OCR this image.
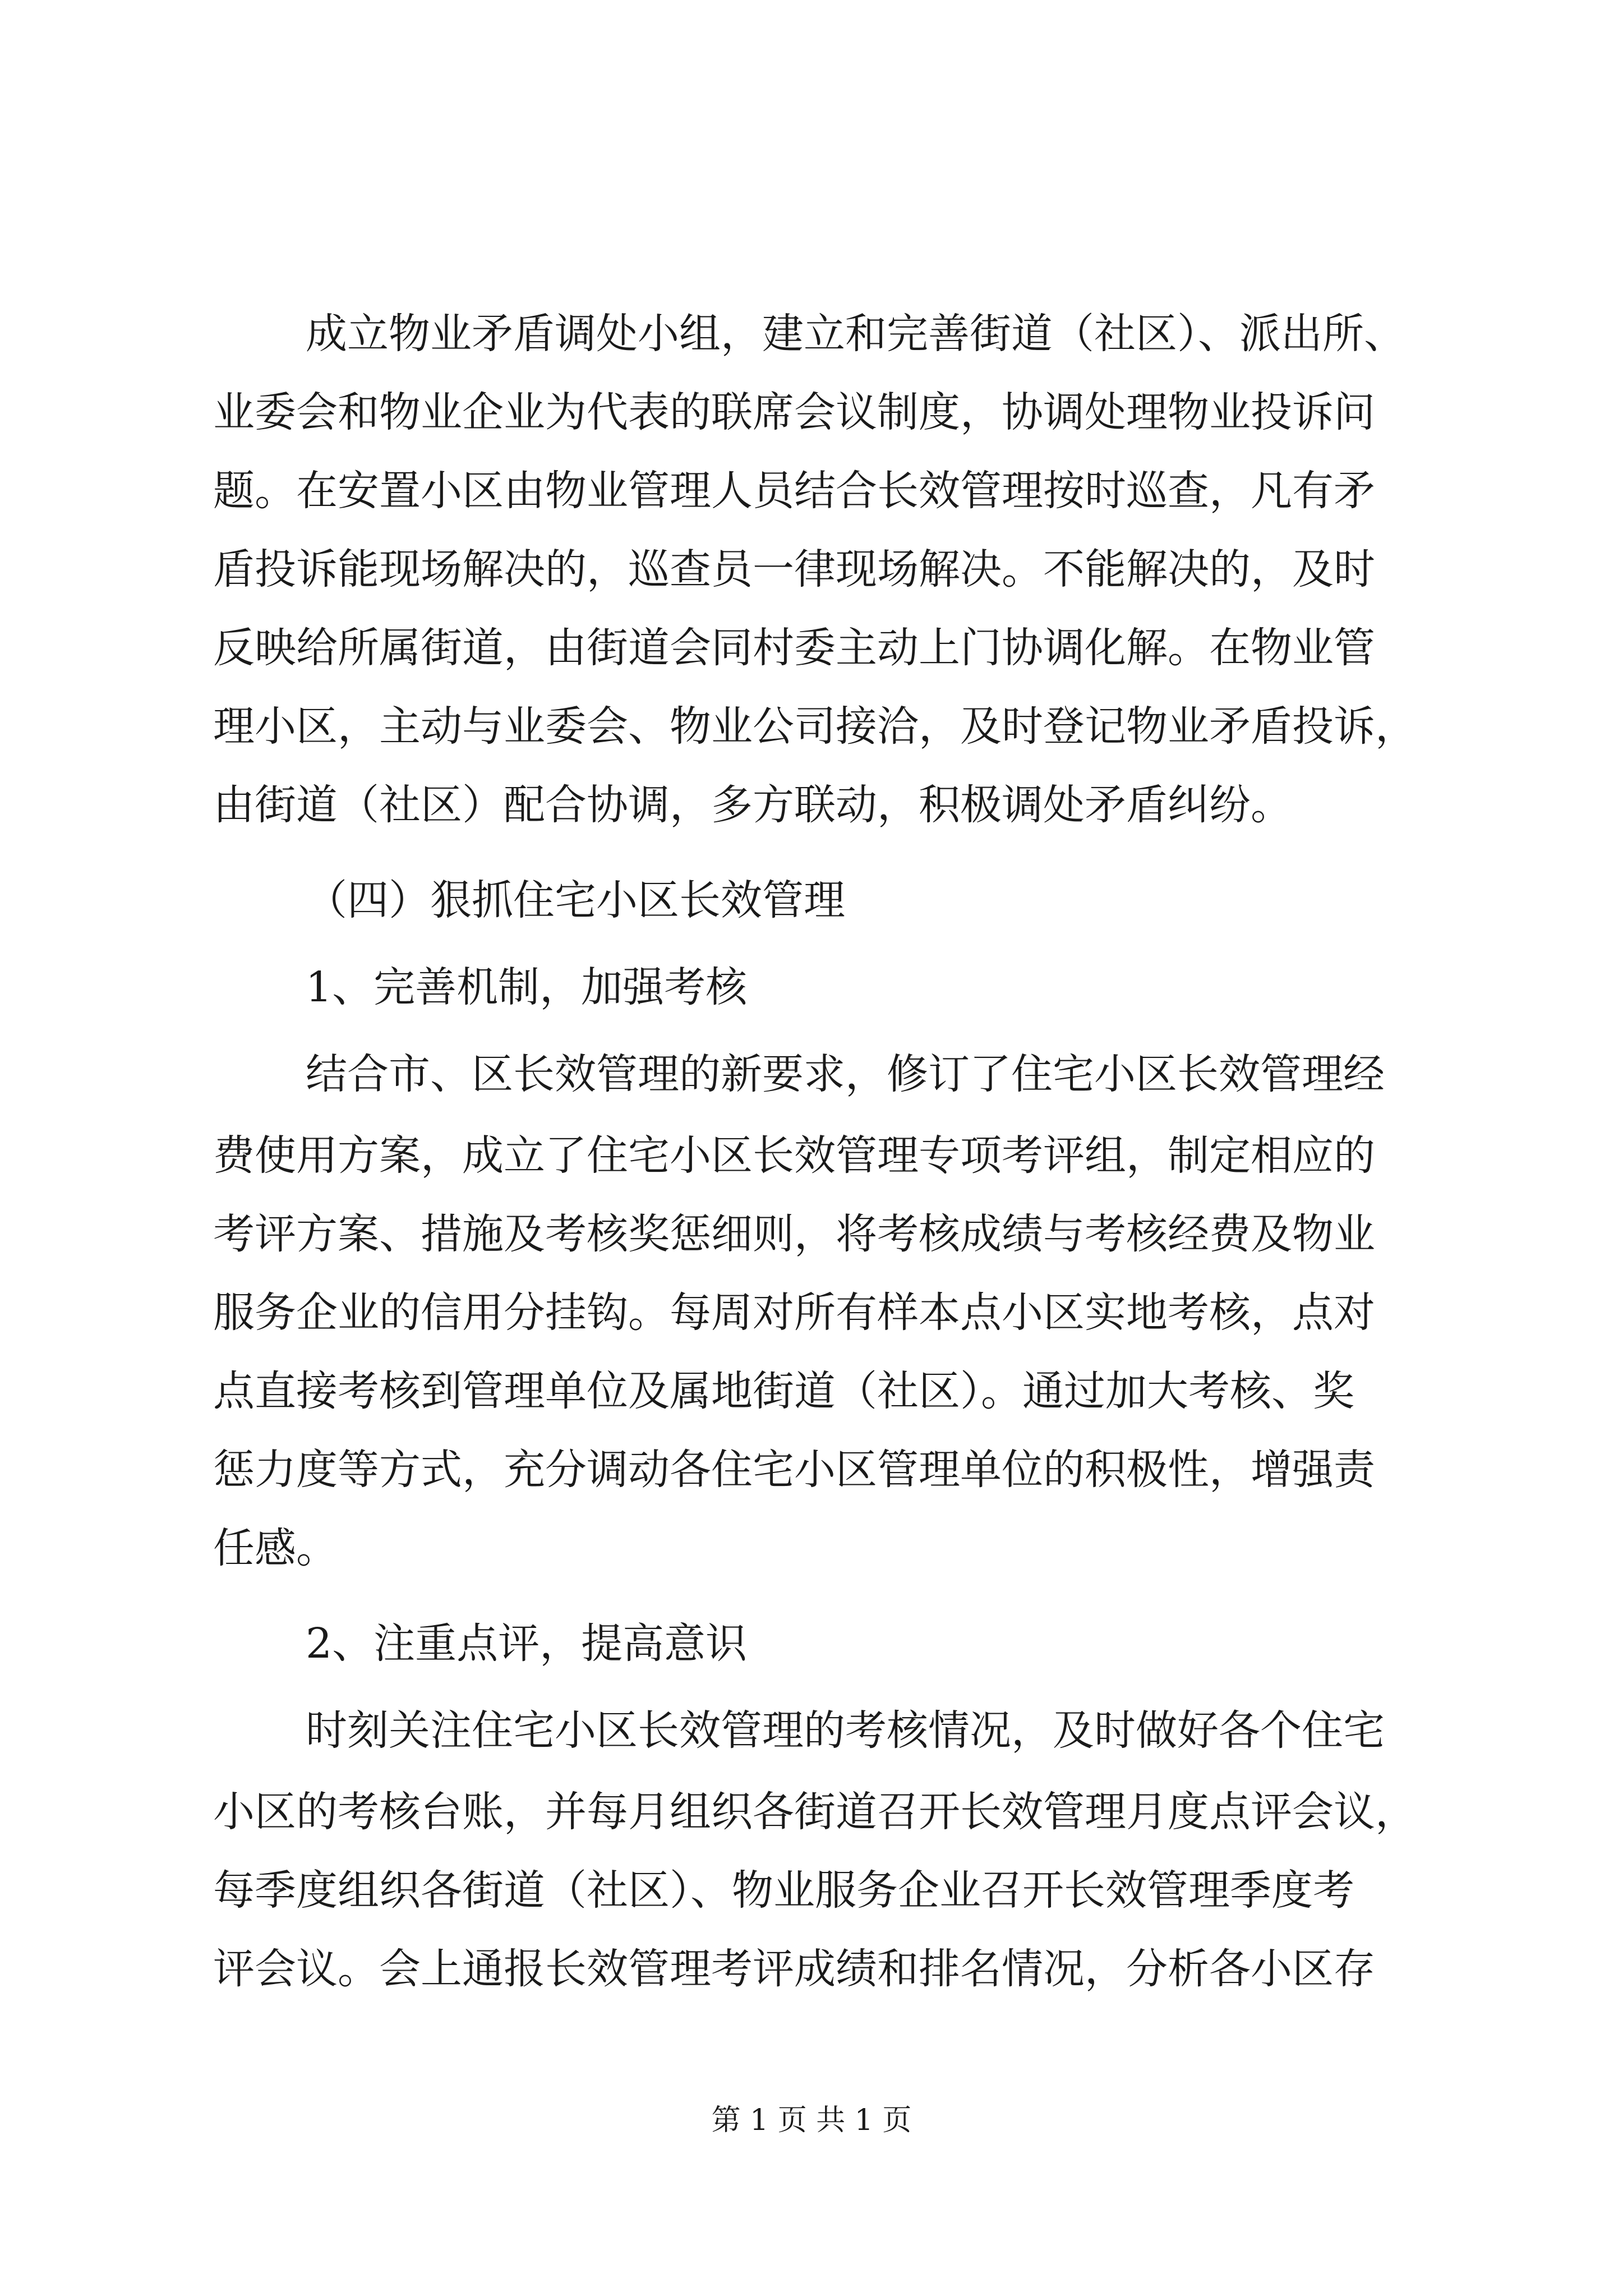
成立物业矛盾调处小组，建立和完善街道（社区）、派出所、
业委会和物业企业为代表的联席会议制度，协调处理物业投诉问
题。在安置小区由物业管理人员结合长效管理按时巡查，凡有矛
盾投诉能现场解决的，巡查员一律现场解决。不能解决的，及时
反映给所属街道，由街道会同村委主动上门协调化解。在物业管
理小区，主动与业委会、物业公司接洽，及时登记物业矛盾投诉，
由街道（社区）配合协调，多方联动，积极调处矛盾纠纷。
（四）狠抓住宅小区长效管理
1、完善机制，加强考核
结合市、区长效管理的新要求，修订了住宅小区长效管理经
费使用方案，成立了住宅小区长效管理专项考评组，制定相应的
考评方案、措施及考核奖惩细则，将考核成绩与考核经费及物业
服务企业的信用分挂钩。每周对所有样本点小区实地考核，点对
点直接考核到管理单位及属地街道（社区）。通过加大考核、奖
惩力度等方式，充分调动各住宅小区管理单位的积极性，增强责
任感。
2、注重点评，提高意识
时刻关注住宅小区长效管理的考核情况，及时做好各个住宅
小区的考核台账，并每月组织各街道召开长效管理月度点评会议，
每季度组织各街道（社区）、物业服务企业召开长效管理季度考
评会议。会上通报长效管理考评成绩和排名情况，分析各小区存
第 1 页 共 1 页
